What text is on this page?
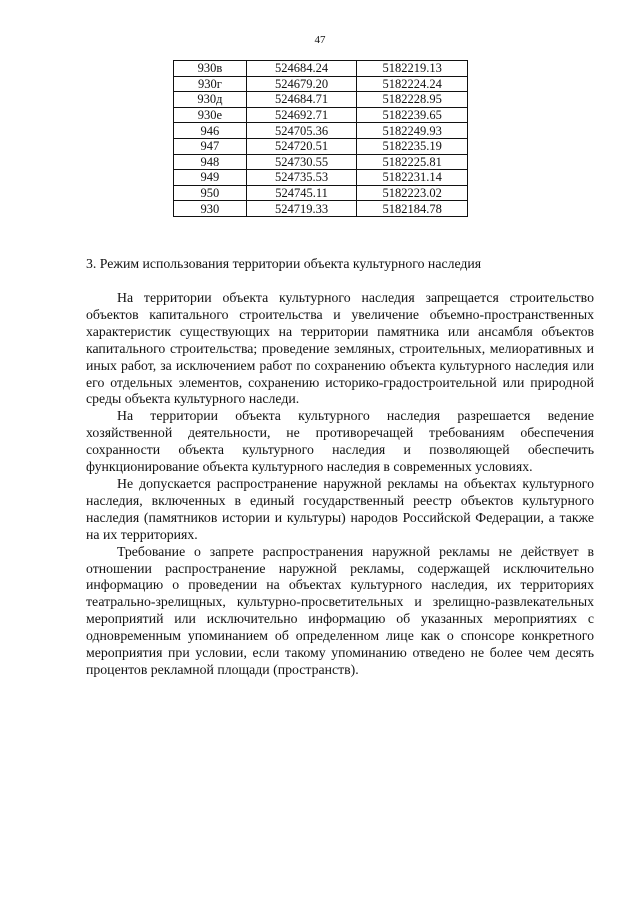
47
930в	524684.24	5182219.13
930г	524679.20	5182224.24
930д	524684.71	5182228.95
930е	524692.71	5182239.65
946	524705.36	5182249.93
947	524720.51	5182235.19
948	524730.55	5182225.81
949	524735.53	5182231.14
950	524745.11	5182223.02
930	524719.33	5182184.78
3. Режим использования территории объекта культурного наследия

На территории объекта культурного наследия запрещается строительство объектов капитального строительства и увеличение объемно-пространственных характеристик существующих на территории памятника или ансамбля объектов капитального строительства; проведение земляных, строительных, мелиоративных и иных работ, за исключением работ по сохранению объекта культурного наследия или его отдельных элементов, сохранению историко-градостроительной или природной среды объекта культурного наследи.

На территории объекта культурного наследия разрешается ведение хозяйственной деятельности, не противоречащей требованиям обеспечения сохранности объекта культурного наследия и позволяющей обеспечить функционирование объекта культурного наследия в современных условиях.

Не допускается распространение наружной рекламы на объектах культурного наследия, включенных в единый государственный реестр объектов культурного наследия (памятников истории и культуры) народов Российской Федерации, а также на их территориях.

Требование о запрете распространения наружной рекламы не действует в отношении распространение наружной рекламы, содержащей исключительно информацию о проведении на объектах культурного наследия, их территориях театрально-зрелищных, культурно-просветительных и зрелищно-развлекательных мероприятий или исключительно информацию об указанных мероприятиях с одновременным упоминанием об определенном лице как о спонсоре конкретного мероприятия при условии, если такому упоминанию отведено не более чем десять процентов рекламной площади (пространств).
